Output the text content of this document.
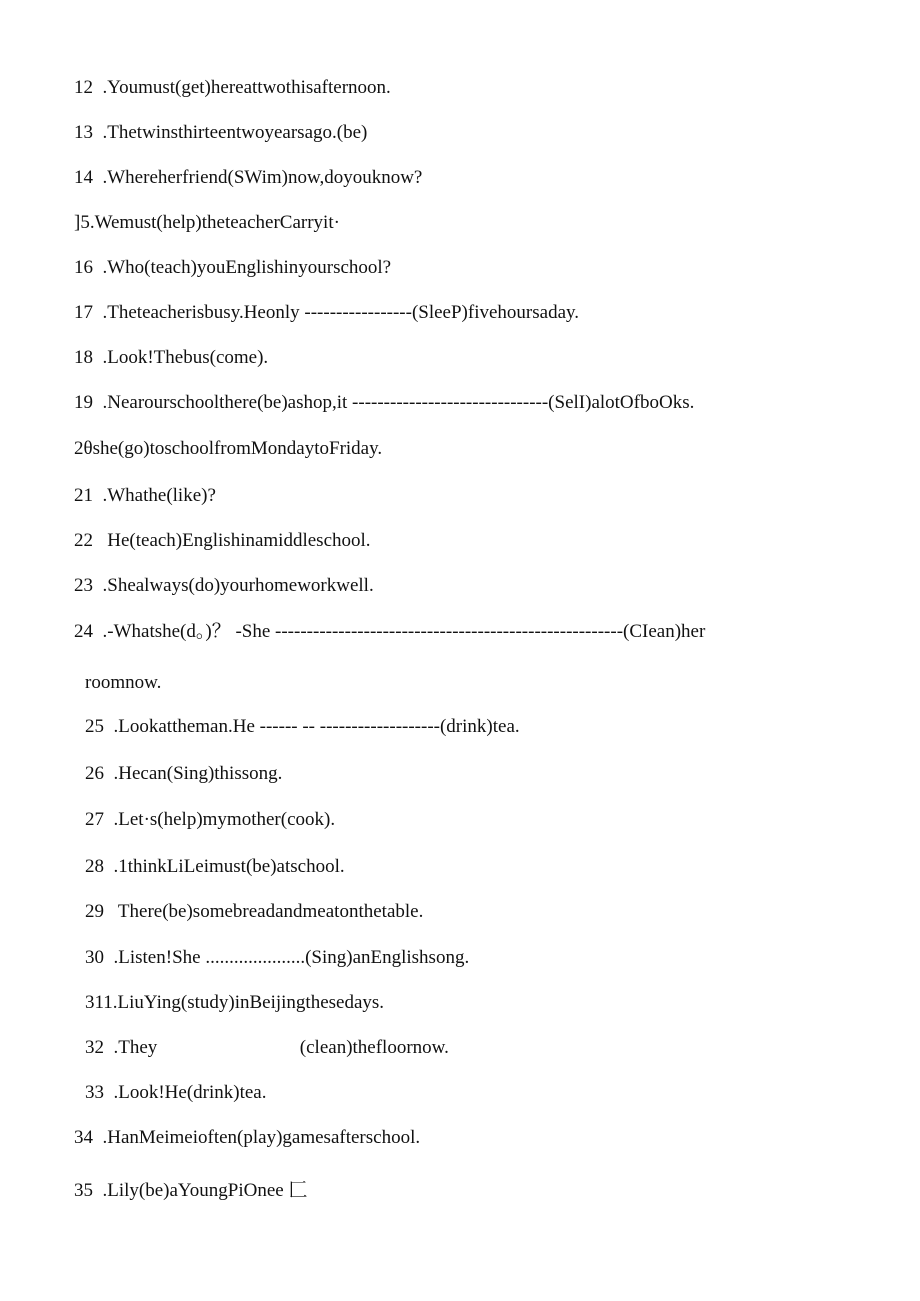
12  .Youmust(get)hereattwothisafternoon.
13  .Thetwinsthirteentwoyearsago.(be)
14  .Whereherfriend(SWim)now,doyouknow?
]5.Wemust(help)theteacherCarryit·
16  .Who(teach)youEnglishinyourschool?
17  .Theteacherisbusy.Heonly -----------------(SleeP)fivehoursaday.
18  .Look!Thebus(come).
19  .Nearourschoolthere(be)ashop,it -------------------------------(SelI)alotOfboOks.
2θshe(go)toschoolfromMondaytoFriday.
21  .Whathe(like)?
22   He(teach)Englishinamiddleschool.
23  .Shealways(do)yourhomeworkwell.
24  .-Whatshe(d。)？ -She -------------------------------------------------------(CIean)her
roomnow.
25  .Lookattheman.He ------ -- -------------------(drink)tea.
26  .Hecan(Sing)thissong.
27  .Let·s(help)mymother(cook).
28  .1thinkLiLeimust(be)atschool.
29   There(be)somebreadandmeatonthetable.
30  .Listen!She .....................(Sing)anEnglishsong.
311.LiuYing(study)inBeijingthesedays.
32  .They                              (clean)thefloornow.
33  .Look!He(drink)tea.
34  .HanMeimeioften(play)gamesafterschool.
35  .Lily(be)aYoungPiOnee ⼕
